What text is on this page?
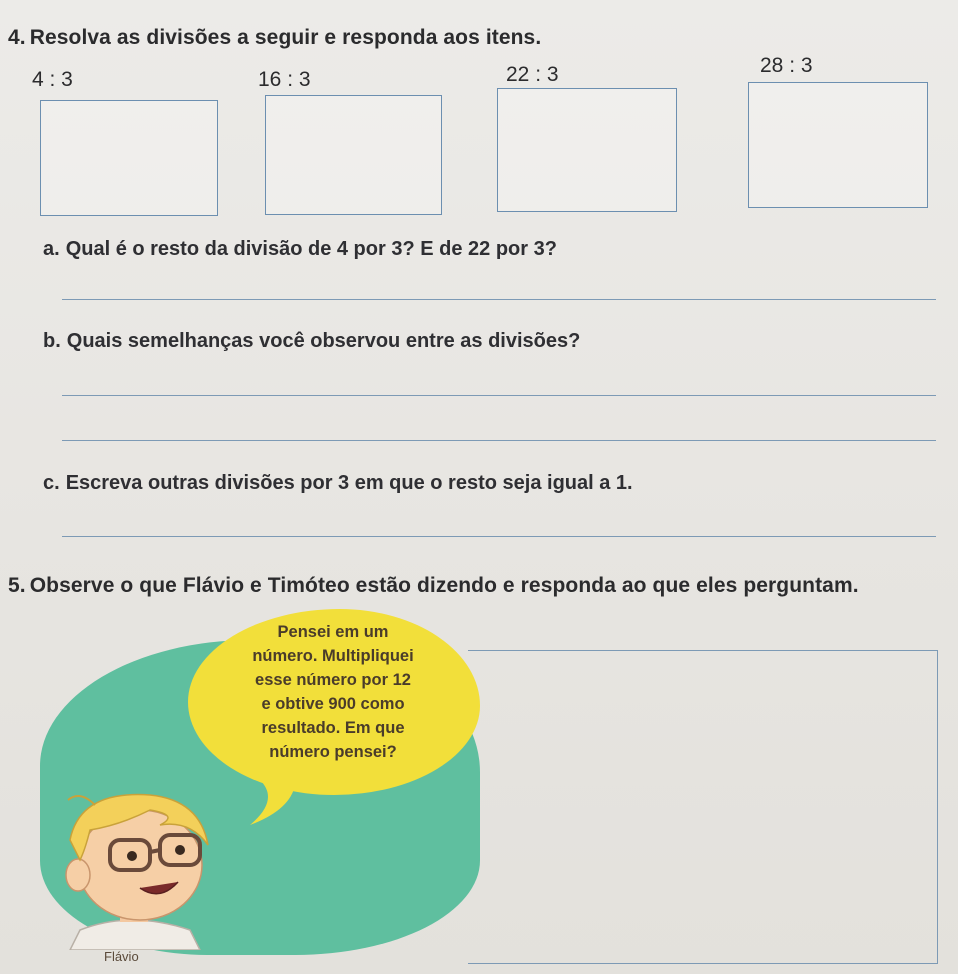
4. Resolva as divisões a seguir e responda aos itens.
4 : 3	16 : 3	22 : 3	28 : 3
a. Qual é o resto da divisão de 4 por 3? E de 22 por 3?
b. Quais semelhanças você observou entre as divisões?
c. Escreva outras divisões por 3 em que o resto seja igual a 1.
5. Observe o que Flávio e Timóteo estão dizendo e responda ao que eles perguntam.
Pensei em um
número. Multipliquei
esse número por 12
e obtive 900 como
resultado. Em que
número pensei?
Flávio
